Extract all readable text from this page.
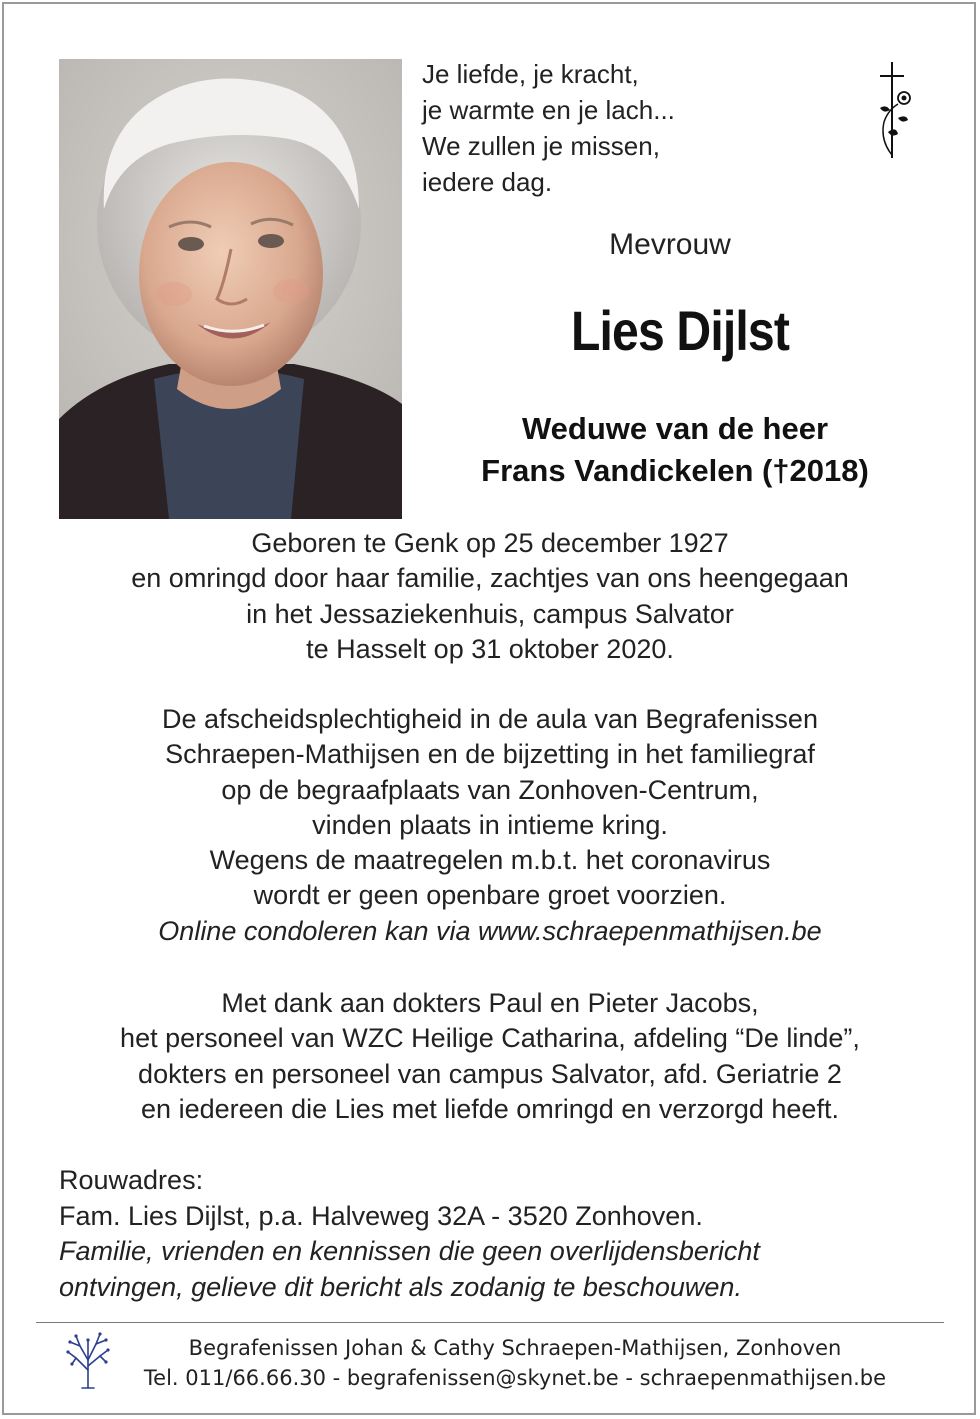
Je liefde, je kracht,
je warmte en je lach...
We zullen je missen,
iedere dag.
Mevrouw
Lies Dijlst
Weduwe van de heer
Frans Vandickelen (†2018)
Geboren te Genk op 25 december 1927
en omringd door haar familie, zachtjes van ons heengegaan
in het Jessaziekenhuis, campus Salvator
te Hasselt op 31 oktober 2020.
De afscheidsplechtigheid in de aula van Begrafenissen
Schraepen-Mathijsen en de bijzetting in het familiegraf
op de begraafplaats van Zonhoven-Centrum,
vinden plaats in intieme kring.
Wegens de maatregelen m.b.t. het coronavirus
wordt er geen openbare groet voorzien.
Online condoleren kan via www.schraepenmathijsen.be
Met dank aan dokters Paul en Pieter Jacobs,
het personeel van WZC Heilige Catharina, afdeling “De linde”,
dokters en personeel van campus Salvator, afd. Geriatrie 2
en iedereen die Lies met liefde omringd en verzorgd heeft.
Rouwadres:
Fam. Lies Dijlst, p.a. Halveweg 32A - 3520 Zonhoven.
Familie, vrienden en kennissen die geen overlijdensbericht
ontvingen, gelieve dit bericht als zodanig te beschouwen.
Begrafenissen Johan & Cathy Schraepen-Mathijsen, Zonhoven
Tel. 011/66.66.30 - begrafenissen@skynet.be - schraepenmathijsen.be
